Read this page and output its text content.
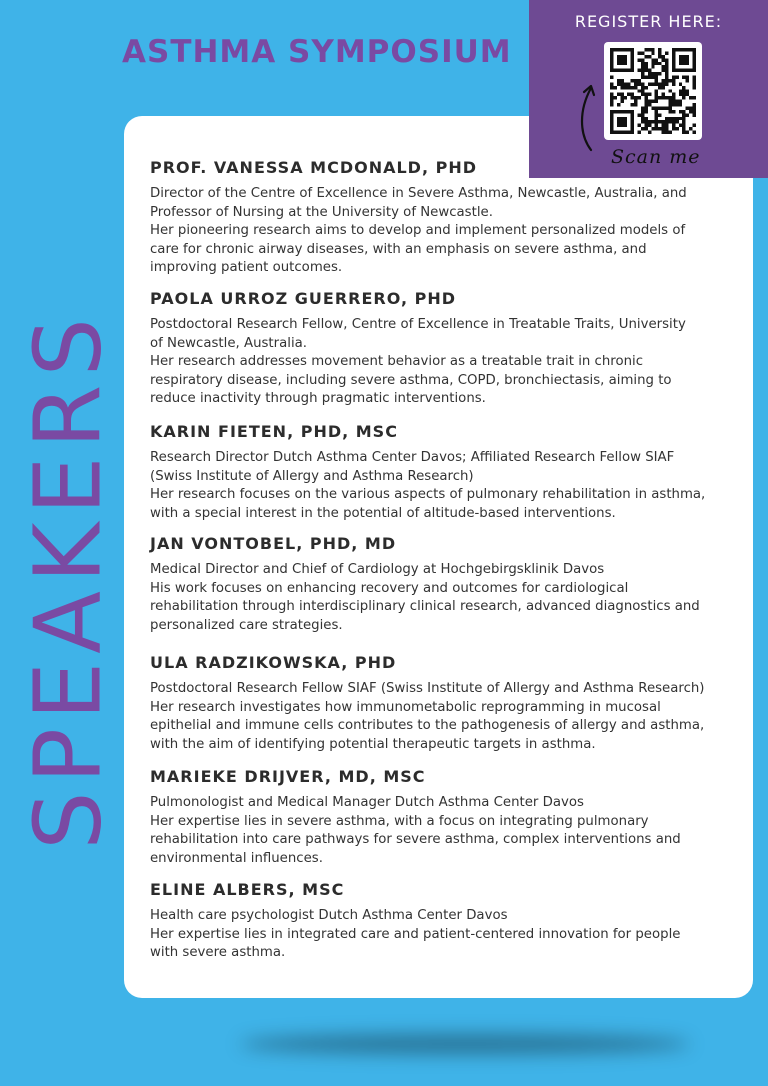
ASTHMA SYMPOSIUM
SPEAKERS
PROF. VANESSA MCDONALD, PHD
Director of the Centre of Excellence in Severe Asthma, Newcastle, Australia, and
Professor of Nursing at the University of Newcastle.
Her pioneering research aims to develop and implement personalized models of
care for chronic airway diseases, with an emphasis on severe asthma, and
improving patient outcomes.
PAOLA URROZ GUERRERO, PHD
Postdoctoral Research Fellow, Centre of Excellence in Treatable Traits, University
of Newcastle, Australia.
Her research addresses movement behavior as a treatable trait in chronic
respiratory disease, including severe asthma, COPD, bronchiectasis, aiming to
reduce inactivity through pragmatic interventions.
KARIN FIETEN, PHD, MSC
Research Director Dutch Asthma Center Davos; Affiliated Research Fellow SIAF
(Swiss Institute of Allergy and Asthma Research)
Her research focuses on the various aspects of pulmonary rehabilitation in asthma,
with a special interest in the potential of altitude-based interventions.
JAN VONTOBEL, PHD, MD
Medical Director and Chief of Cardiology at Hochgebirgsklinik Davos
His work focuses on enhancing recovery and outcomes for cardiological
rehabilitation through interdisciplinary clinical research, advanced diagnostics and
personalized care strategies.
ULA RADZIKOWSKA, PHD
Postdoctoral Research Fellow SIAF (Swiss Institute of Allergy and Asthma Research)
Her research investigates how immunometabolic reprogramming in mucosal
epithelial and immune cells contributes to the pathogenesis of allergy and asthma,
with the aim of identifying potential therapeutic targets in asthma.
MARIEKE DRIJVER, MD, MSC
Pulmonologist and Medical Manager Dutch Asthma Center Davos
Her expertise lies in severe asthma, with a focus on integrating pulmonary
rehabilitation into care pathways for severe asthma, complex interventions and
environmental influences.
ELINE ALBERS, MSC
Health care psychologist Dutch Asthma Center Davos
Her expertise lies in integrated care and patient-centered innovation for people
with severe asthma.
REGISTER HERE:
Scan me
